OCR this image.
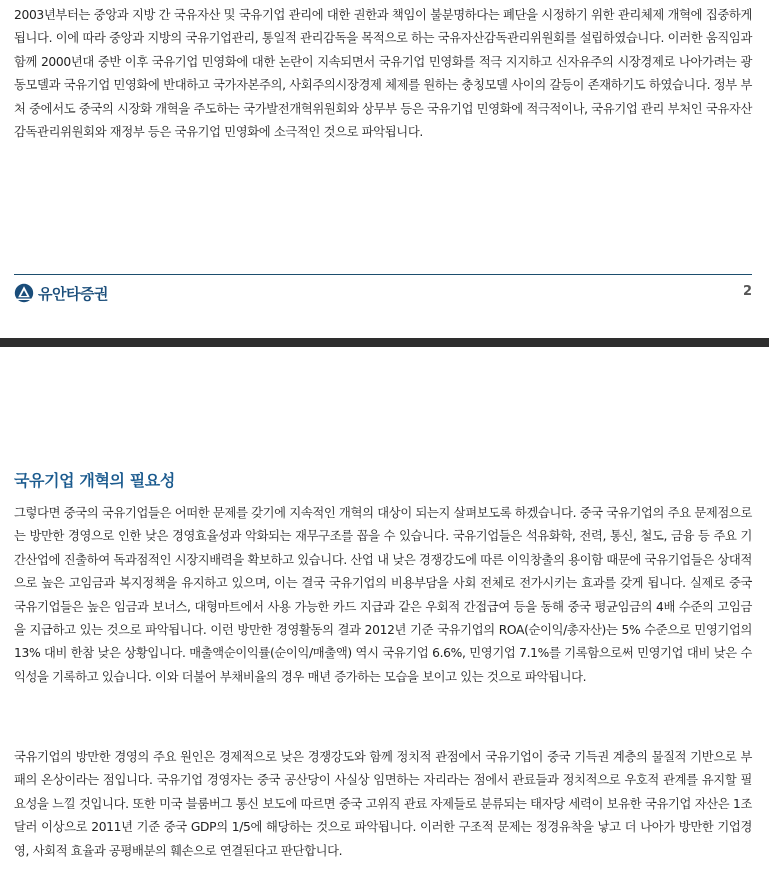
2003년부터는 중앙과 지방 간 국유자산 및 국유기업 관리에 대한 권한과 책임이 불분명하다는 폐단을 시정하기 위한 관리체제 개혁에 집중하게 됩니다. 이에 따라 중앙과 지방의 국유기업관리, 통일적 관리감독을 목적으로 하는 국유자산감독관리위원회를 설립하였습니다. 이러한 움직임과 함께 2000년대 중반 이후 국유기업 민영화에 대한 논란이 지속되면서 국유기업 민영화를 적극 지지하고 신자유주의 시장경제로 나아가려는 광동모델과 국유기업 민영화에 반대하고 국가자본주의, 사회주의시장경제 체제를 원하는 충칭모델 사이의 갈등이 존재하기도 하였습니다. 정부 부처 중에서도 중국의 시장화 개혁을 주도하는 국가발전개혁위원회와 상무부 등은 국유기업 민영화에 적극적이나, 국유기업 관리 부처인 국유자산감독관리위원회와 재정부 등은 국유기업 민영화에 소극적인 것으로 파악됩니다.

유안타증권	2
국유기업 개혁의 필요성

그렇다면 중국의 국유기업들은 어떠한 문제를 갖기에 지속적인 개혁의 대상이 되는지 살펴보도록 하겠습니다. 중국 국유기업의 주요 문제점으로는 방만한 경영으로 인한 낮은 경영효율성과 악화되는 재무구조를 꼽을 수 있습니다. 국유기업들은 석유화학, 전력, 통신, 철도, 금융 등 주요 기간산업에 진출하여 독과점적인 시장지배력을 확보하고 있습니다. 산업 내 낮은 경쟁강도에 따른 이익창출의 용이함 때문에 국유기업들은 상대적으로 높은 고임금과 복지정책을 유지하고 있으며, 이는 결국 국유기업의 비용부담을 사회 전체로 전가시키는 효과를 갖게 됩니다. 실제로 중국 국유기업들은 높은 임금과 보너스, 대형마트에서 사용 가능한 카드 지급과 같은 우회적 간접급여 등을 동해 중국 평균임금의 4배 수준의 고임금을 지급하고 있는 것으로 파악됩니다. 이런 방만한 경영활동의 결과 2012년 기준 국유기업의 ROA(순이익/총자산)는 5% 수준으로 민영기업의 13% 대비 한참 낮은 상황입니다. 매출액순이익률(순이익/매출액) 역시 국유기업 6.6%, 민영기업 7.1%를 기록함으로써 민영기업 대비 낮은 수익성을 기록하고 있습니다. 이와 더불어 부채비율의 경우 매년 증가하는 모습을 보이고 있는 것으로 파악됩니다.

국유기업의 방만한 경영의 주요 원인은 경제적으로 낮은 경쟁강도와 함께 정치적 관점에서 국유기업이 중국 기득권 계층의 물질적 기반으로 부패의 온상이라는 점입니다. 국유기업 경영자는 중국 공산당이 사실상 임면하는 자리라는 점에서 관료들과 정치적으로 우호적 관계를 유지할 필요성을 느낄 것입니다. 또한 미국 블룸버그 통신 보도에 따르면 중국 고위직 관료 자제들로 분류되는 태자당 세력이 보유한 국유기업 자산은 1조 달러 이상으로 2011년 기준 중국 GDP의 1/5에 해당하는 것으로 파악됩니다. 이러한 구조적 문제는 정경유착을 낳고 더 나아가 방만한 기업경영, 사회적 효율과 공평배분의 훼손으로 연결된다고 판단합니다.
